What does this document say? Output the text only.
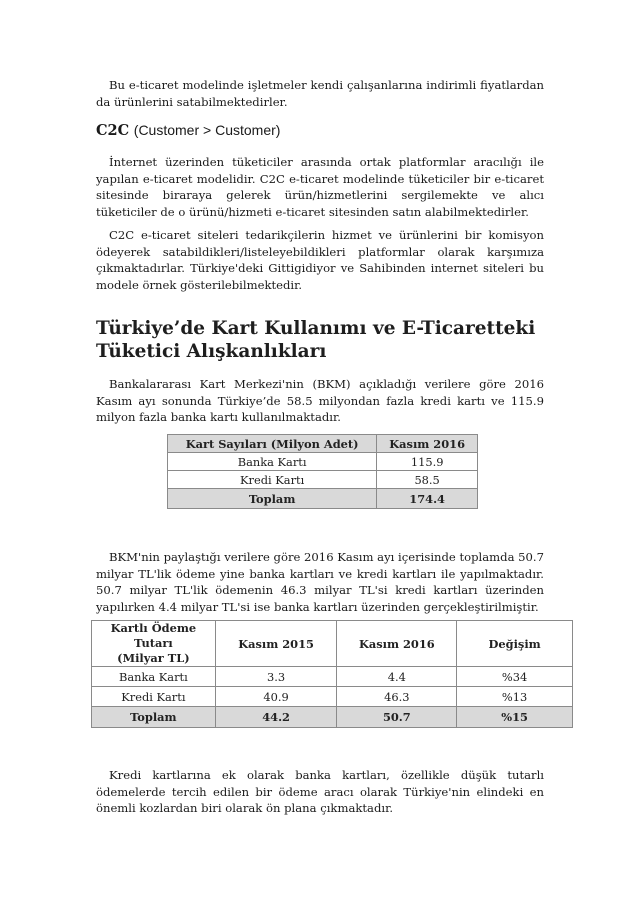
Bu e-ticaret modelinde işletmeler kendi çalışanlarına indirimli fiyatlardan da ürünlerini satabilmektedirler.

C2C (Customer > Customer)

İnternet üzerinden tüketiciler arasında ortak platformlar aracılığı ile yapılan e-ticaret modelidir. C2C e-ticaret modelinde tüketiciler bir e-ticaret sitesinde biraraya gelerek ürün/hizmetlerini sergilemekte ve alıcı tüketiciler de o ürünü/hizmeti e-ticaret sitesinden satın alabilmektedirler.

C2C e-ticaret siteleri tedarikçilerin hizmet ve ürünlerini bir komisyon ödeyerek satabildikleri/listeleyebildikleri platformlar olarak karşımıza çıkmaktadırlar. Türkiye'deki Gittigidiyor ve Sahibinden internet siteleri bu modele örnek gösterilebilmektedir.

Türkiye’de Kart Kullanımı ve E-Ticaretteki

Tüketici Alışkanlıkları

Bankalararası Kart Merkezi'nin (BKM) açıkladığı verilere göre 2016 Kasım ayı sonunda Türkiye’de 58.5 milyondan fazla kredi kartı ve 115.9 milyon fazla banka kartı kullanılmaktadır.

Kart Sayıları (Milyon Adet)	Kasım 2016
Banka Kartı	115.9
Kredi Kartı	58.5
Toplam	174.4

BKM'nin paylaştığı verilere göre 2016 Kasım ayı içerisinde toplamda 50.7 milyar TL'lik ödeme yine banka kartları ve kredi kartları ile yapılmaktadır. 50.7 milyar TL'lik ödemenin 46.3 milyar TL'si kredi kartları üzerinden yapılırken 4.4 milyar TL'si ise banka kartları üzerinden gerçekleştirilmiştir.

Kartlı Ödeme Tutarı
(Milyar TL)	Kasım 2015	Kasım 2016	Değişim
Banka Kartı	3.3	4.4	%34
Kredi Kartı	40.9	46.3	%13
Toplam	44.2	50.7	%15

Kredi kartlarına ek olarak banka kartları, özellikle düşük tutarlı ödemelerde tercih edilen bir ödeme aracı olarak Türkiye'nin elindeki en önemli kozlardan biri olarak ön plana çıkmaktadır.
